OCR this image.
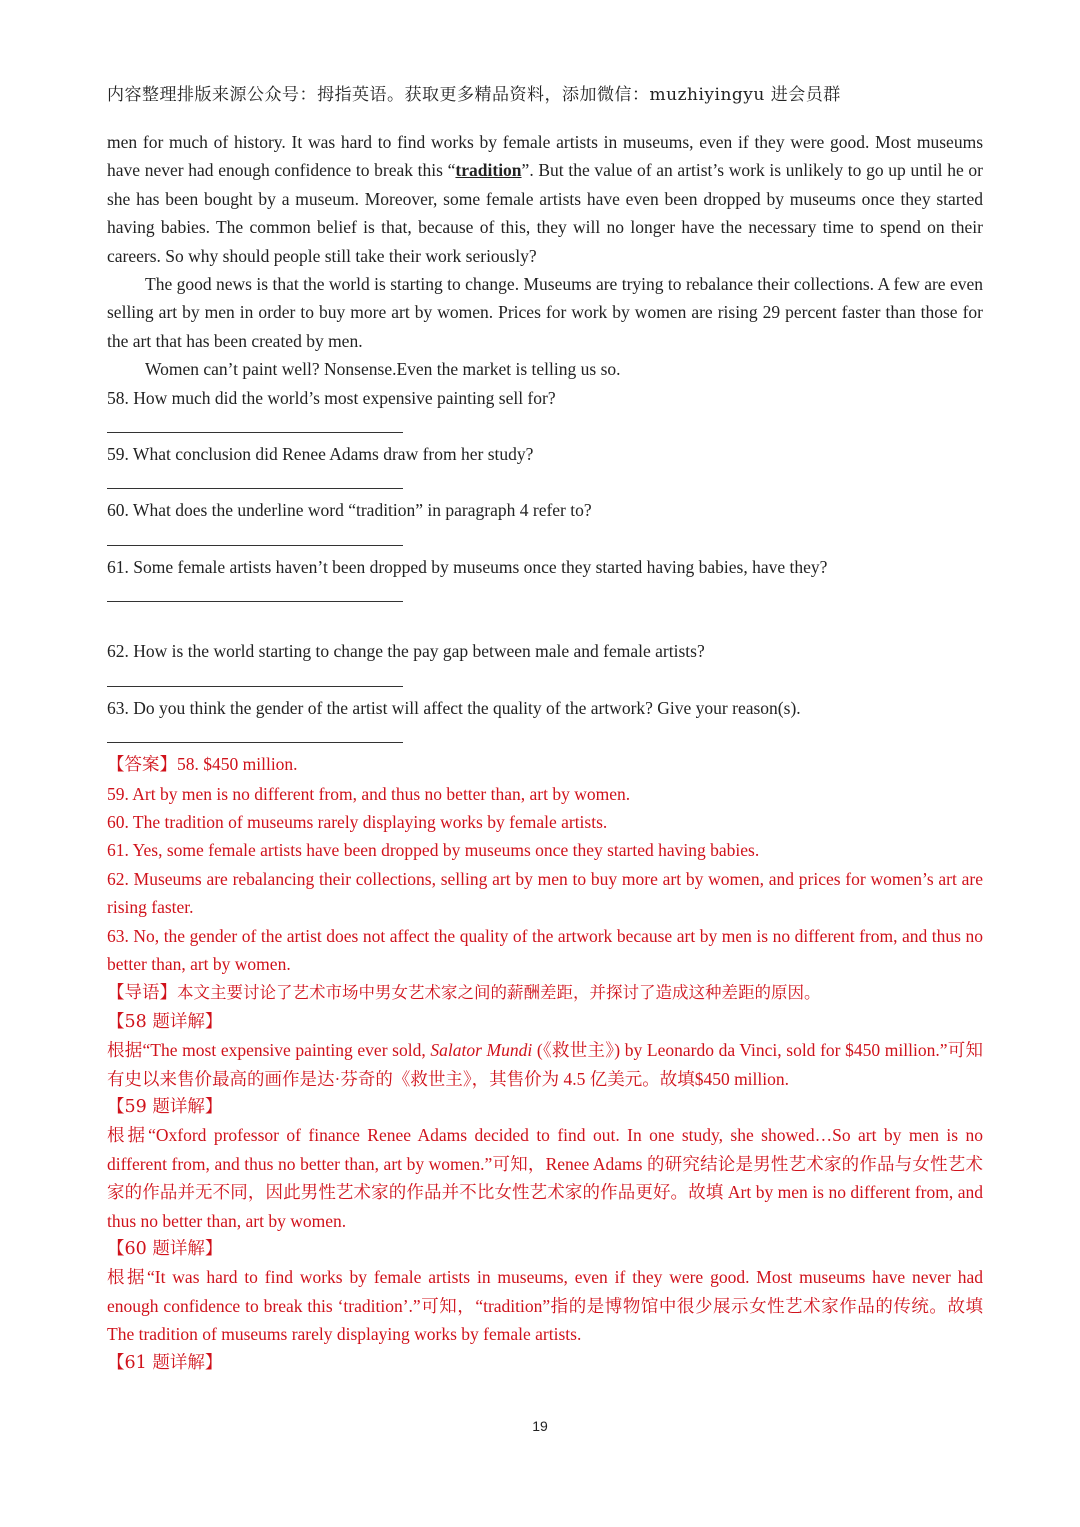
内容整理排版来源公众号：拇指英语。获取更多精品资料，添加微信：muzhiyingyu 进会员群

men for much of history. It was hard to find works by female artists in museums, even if they were good. Most museums have never had enough confidence to break this “tradition”. But the value of an artist’s work is unlikely to go up until he or she has been bought by a museum. Moreover, some female artists have even been dropped by museums once they started having babies. The common belief is that, because of this, they will no longer have the necessary time to spend on their careers. So why should people still take their work seriously?

The good news is that the world is starting to change. Museums are trying to rebalance their collections. A few are even selling art by men in order to buy more art by women. Prices for work by women are rising 29 percent faster than those for the art that has been created by men.

Women can’t paint well? Nonsense.Even the market is telling us so.

58. How much did the world’s most expensive painting sell for?
59. What conclusion did Renee Adams draw from her study?
60. What does the underline word “tradition” in paragraph 4 refer to?
61. Some female artists haven’t been dropped by museums once they started having babies, have they?
62. How is the world starting to change the pay gap between male and female artists?
63. Do you think the gender of the artist will affect the quality of the artwork? Give your reason(s).

【答案】58. $450 million.

59. Art by men is no different from, and thus no better than, art by women.

60. The tradition of museums rarely displaying works by female artists.

61. Yes, some female artists have been dropped by museums once they started having babies.

62. Museums are rebalancing their collections, selling art by men to buy more art by women, and prices for women’s art are rising faster.

63. No, the gender of the artist does not affect the quality of the artwork because art by men is no different from, and thus no better than, art by women.

【导语】本文主要讨论了艺术市场中男女艺术家之间的薪酬差距，并探讨了造成这种差距的原因。

【58 题详解】

根据“The most expensive painting ever sold, Salator Mundi (《救世主》) by Leonardo da Vinci, sold for $450 million.”可知有史以来售价最高的画作是达·芬奇的《救世主》，其售价为 4.5 亿美元。故填$450 million.

【59 题详解】

根据“Oxford professor of finance Renee Adams decided to find out. In one study, she showed…So art by men is no different from, and thus no better than, art by women.”可知，Renee Adams 的研究结论是男性艺术家的作品与女性艺术家的作品并无不同，因此男性艺术家的作品并不比女性艺术家的作品更好。故填 Art by men is no different from, and thus no better than, art by women.

【60 题详解】

根据“It was hard to find works by female artists in museums, even if they were good. Most museums have never had enough confidence to break this ‘tradition’.”可知，“tradition”指的是博物馆中很少展示女性艺术家作品的传统。故填 The tradition of museums rarely displaying works by female artists.

【61 题详解】
19
